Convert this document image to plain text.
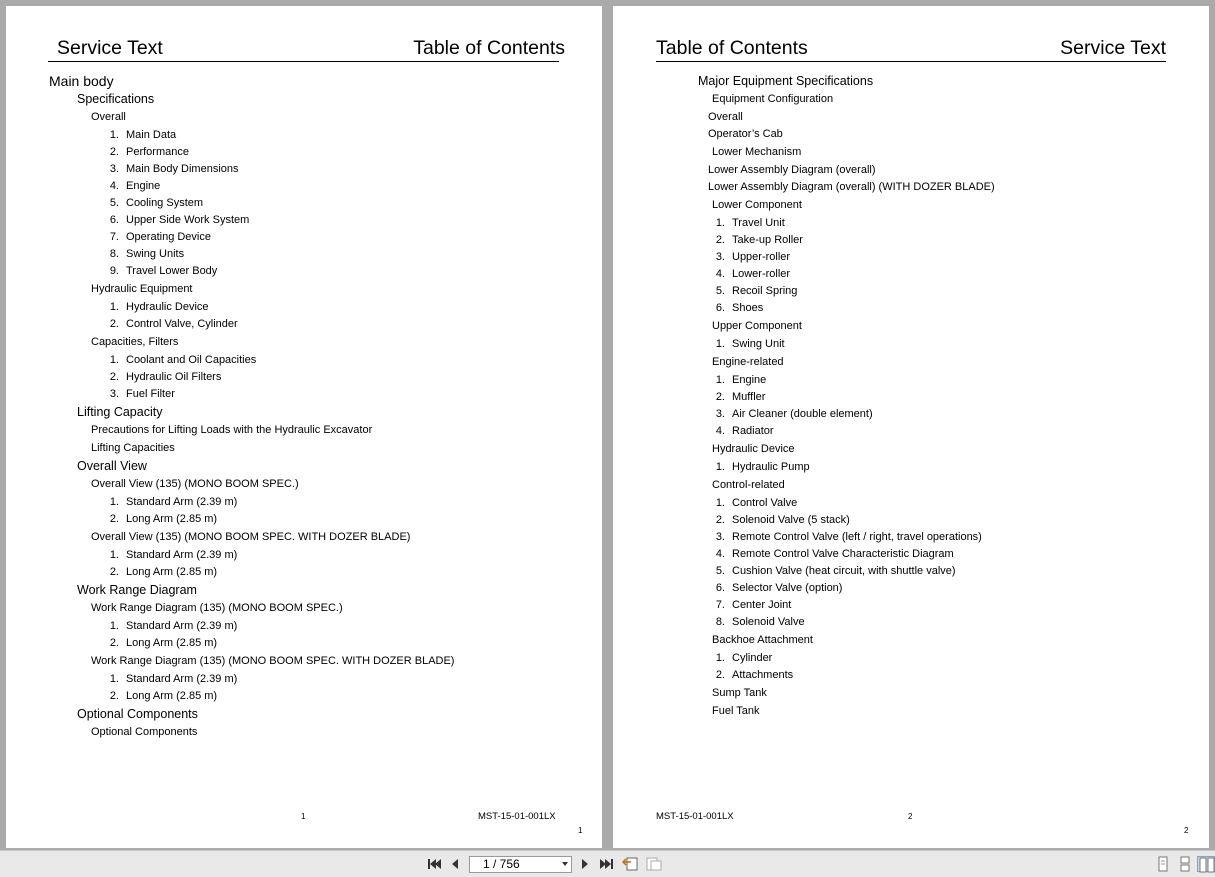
Service Text	Table of Contents
Main body
Specifications
Overall
1. Main Data
2. Performance
3. Main Body Dimensions
4. Engine
5. Cooling System
6. Upper Side Work System
7. Operating Device
8. Swing Units
9. Travel Lower Body
Hydraulic Equipment
1. Hydraulic Device
2. Control Valve, Cylinder
Capacities, Filters
1. Coolant and Oil Capacities
2. Hydraulic Oil Filters
3. Fuel Filter
Lifting Capacity
Precautions for Lifting Loads with the Hydraulic Excavator
Lifting Capacities
Overall View
Overall View (135) (MONO BOOM SPEC.)
1. Standard Arm (2.39 m)
2. Long Arm (2.85 m)
Overall View (135) (MONO BOOM SPEC. WITH DOZER BLADE)
1. Standard Arm (2.39 m)
2. Long Arm (2.85 m)
Work Range Diagram
Work Range Diagram (135) (MONO BOOM SPEC.)
1. Standard Arm (2.39 m)
2. Long Arm (2.85 m)
Work Range Diagram (135) (MONO BOOM SPEC. WITH DOZER BLADE)
1. Standard Arm (2.39 m)
2. Long Arm (2.85 m)
Optional Components
Optional Components
1	MST-15-01-001LX
1
Table of Contents	Service Text
Major Equipment Specifications
Equipment Configuration
Overall
Operator’s Cab
Lower Mechanism
Lower Assembly Diagram (overall)
Lower Assembly Diagram (overall) (WITH DOZER BLADE)
Lower Component
1. Travel Unit
2. Take-up Roller
3. Upper-roller
4. Lower-roller
5. Recoil Spring
6. Shoes
Upper Component
1. Swing Unit
Engine-related
1. Engine
2. Muffler
3. Air Cleaner (double element)
4. Radiator
Hydraulic Device
1. Hydraulic Pump
Control-related
1. Control Valve
2. Solenoid Valve (5 stack)
3. Remote Control Valve (left / right, travel operations)
4. Remote Control Valve Characteristic Diagram
5. Cushion Valve (heat circuit, with shuttle valve)
6. Selector Valve (option)
7. Center Joint
8. Solenoid Valve
Backhoe Attachment
1. Cylinder
2. Attachments
Sump Tank
Fuel Tank
MST-15-01-001LX	2
2
1 / 756
